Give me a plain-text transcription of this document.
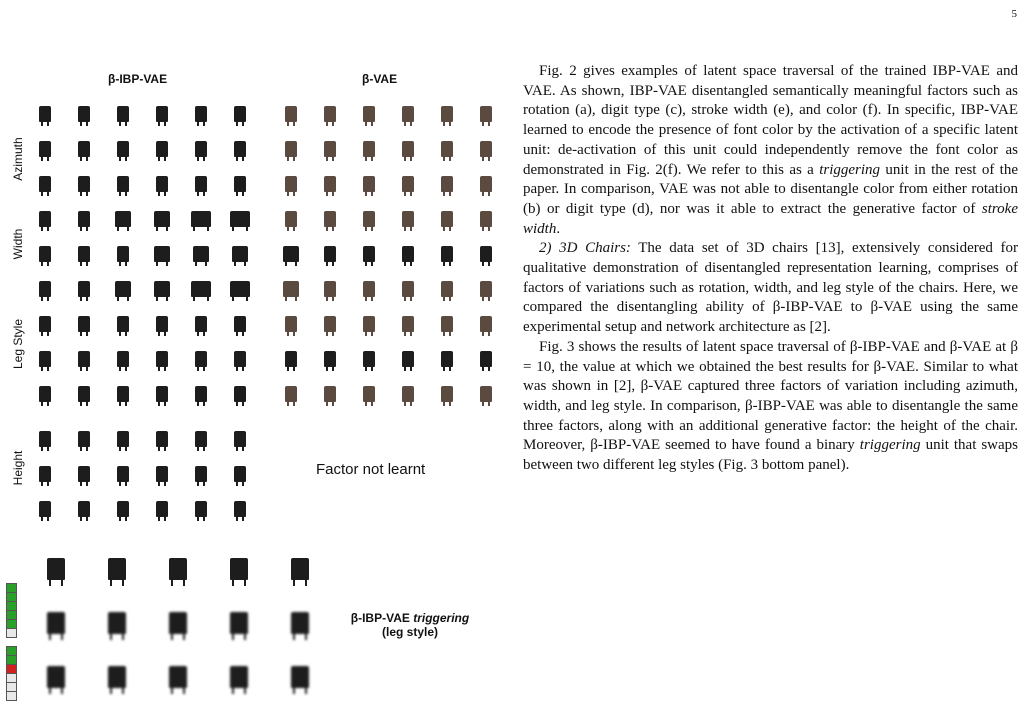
5
β-IBP-VAE	β-VAE
Azimuth
Width
Leg Style
Height	Factor not learnt
β-IBP-VAE triggering
(leg style)

Fig. 2 gives examples of latent space traversal of the trained IBP-VAE and VAE. As shown, IBP-VAE disentangled semantically meaningful factors such as rotation (a), digit type (c), stroke width (e), and color (f). In specific, IBP-VAE learned to encode the presence of font color by the activation of a specific latent unit: de-activation of this unit could independently remove the font color as demonstrated in Fig. 2(f). We refer to this as a triggering unit in the rest of the paper. In comparison, VAE was not able to disentangle color from either rotation (b) or digit type (d), nor was it able to extract the generative factor of stroke width.

2) 3D Chairs: The data set of 3D chairs [13], extensively considered for qualitative demonstration of disentangled representation learning, comprises of factors of variations such as rotation, width, and leg style of the chairs. Here, we compared the disentangling ability of β-IBP-VAE to β-VAE using the same experimental setup and network architecture as [2].

Fig. 3 shows the results of latent space traversal of β-IBP-VAE and β-VAE at β = 10, the value at which we obtained the best results for β-VAE. Similar to what was shown in [2], β-VAE captured three factors of variation including azimuth, width, and leg style. In comparison, β-IBP-VAE was able to disentangle the same three factors, along with an additional generative factor: the height of the chair. Moreover, β-IBP-VAE seemed to have found a binary triggering unit that swaps between two different leg styles (Fig. 3 bottom panel).
